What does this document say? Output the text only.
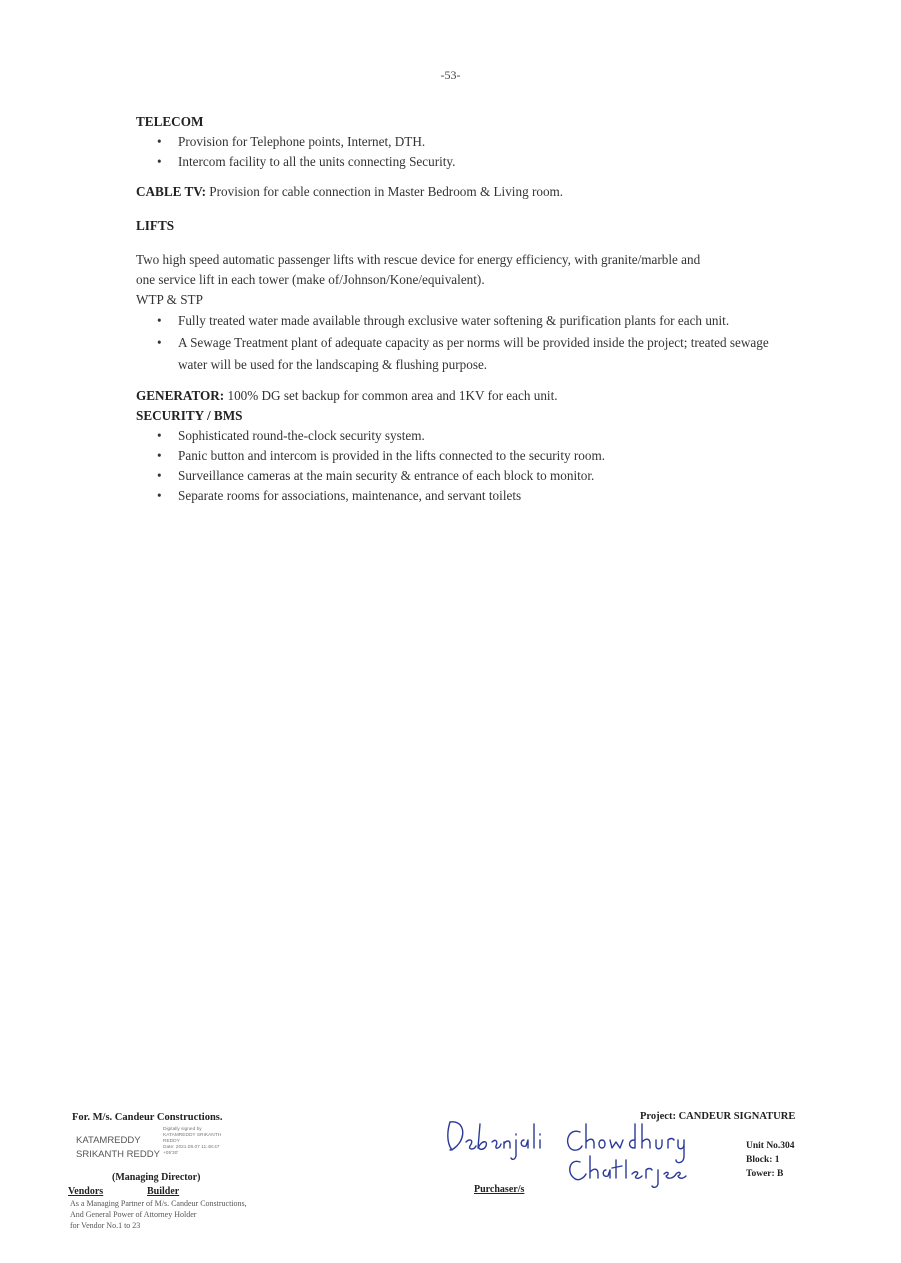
-53-
TELECOM
• Provision for Telephone points, Internet, DTH.
• Intercom facility to all the units connecting Security.
CABLE TV: Provision for cable connection in Master Bedroom & Living room.
LIFTS
Two high speed automatic passenger lifts with rescue device for energy efficiency, with granite/marble and one service lift in each tower (make of/Johnson/Kone/equivalent).
WTP & STP
• Fully treated water made available through exclusive water softening & purification plants for each unit.
• A Sewage Treatment plant of adequate capacity as per norms will be provided inside the project; treated sewage water will be used for the landscaping & flushing purpose.
GENERATOR: 100% DG set backup for common area and 1KV for each unit.
SECURITY / BMS
• Sophisticated round-the-clock security system.
• Panic button and intercom is provided in the lifts connected to the security room.
• Surveillance cameras at the main security & entrance of each block to monitor.
• Separate rooms for associations, maintenance, and servant toilets
For. M/s. Candeur Constructions.
KATAMREDDY
SRIKANTH REDDY
Digitally signed by
KATAMREDDY SRIKANTH
REDDY
Date: 2021.08.07 11:48:47
+05'30'
(Managing Director)
Vendors	Builder
As a Managing Partner of M/s. Candeur Constructions,
And General Power of Attorney Holder
for Vendor No.1 to 23
Project: CANDEUR SIGNATURE
Unit No.304
Block: 1
Tower: B
Purchaser/s
